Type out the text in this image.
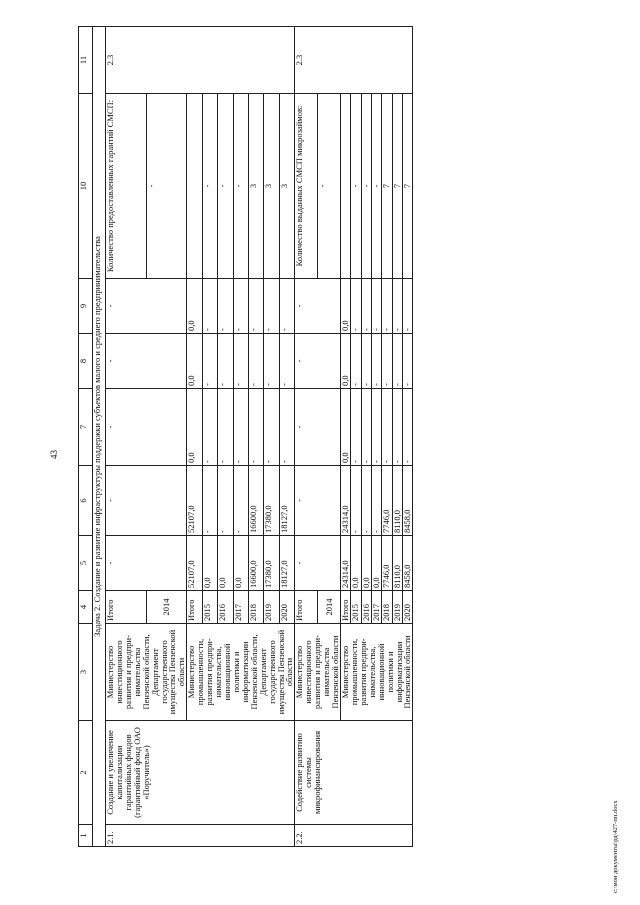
43
1	2	3	4	5	6	7	8	9	10	11
Задача 2. Создание и развитие инфраструктуры поддержки субъектов малого и среднего предпринимательства										
2.1.	Создание и увеличение капитализации гарантийных фондов (гарантийный фонд ОАО «Поручитель»)	Министерство инвестиционного развития и предпри-нимательства Пензенской области, Департамент государственного имущества Пензенской области	Итого	-	-	-	-	-	Количество предоставленных гарантий СМСП:	2.3
			2014						-	
		Министерство промышленности, развития предпри-нимательства, инновационной политики и информатизации Пензенской области, Департамент государственного имущества Пензенской области	Итого	52107,0	52107,0	0,0	0,0	0,0		
			2015	0,0	-	-	-	-	-	
			2016	0,0	-	-	-	-	-	
			2017	0,0	-	-	-	-	-	
			2018	16600,0	16600,0	-	-	-	3	
			2019	17380,0	17380,0	-	-	-	3	
			2020	18127,0	18127,0	-	-	-	3	
2.2.	Содействие развитию системы микрофинансирования	Министерство инвестиционного развития и предпри-нимательства Пензенской области	Итого	-	-	-	-	-	Количество выданных СМСП микрозаймов:	2.3
			2014						-	
		Министерство промышленности, развития предпри-нимательства, инновационной политики и информатизации Пензенской области	Итого	24314,0	24314,0	0,0	0,0	0,0		
			2015	0,0	-	-	-	-	-	
			2016	0,0	-	-	-	-	-	
			2017	0,0	-	-	-	-	-	
			2018	7746,0	7746,0	-	-	-	7	
			2019	8110,0	8110,0	-	-	-	7	
			2020	8458,0	8458,0	-	-	-	7	
c:\мои документы\рд\427-пп.docx
